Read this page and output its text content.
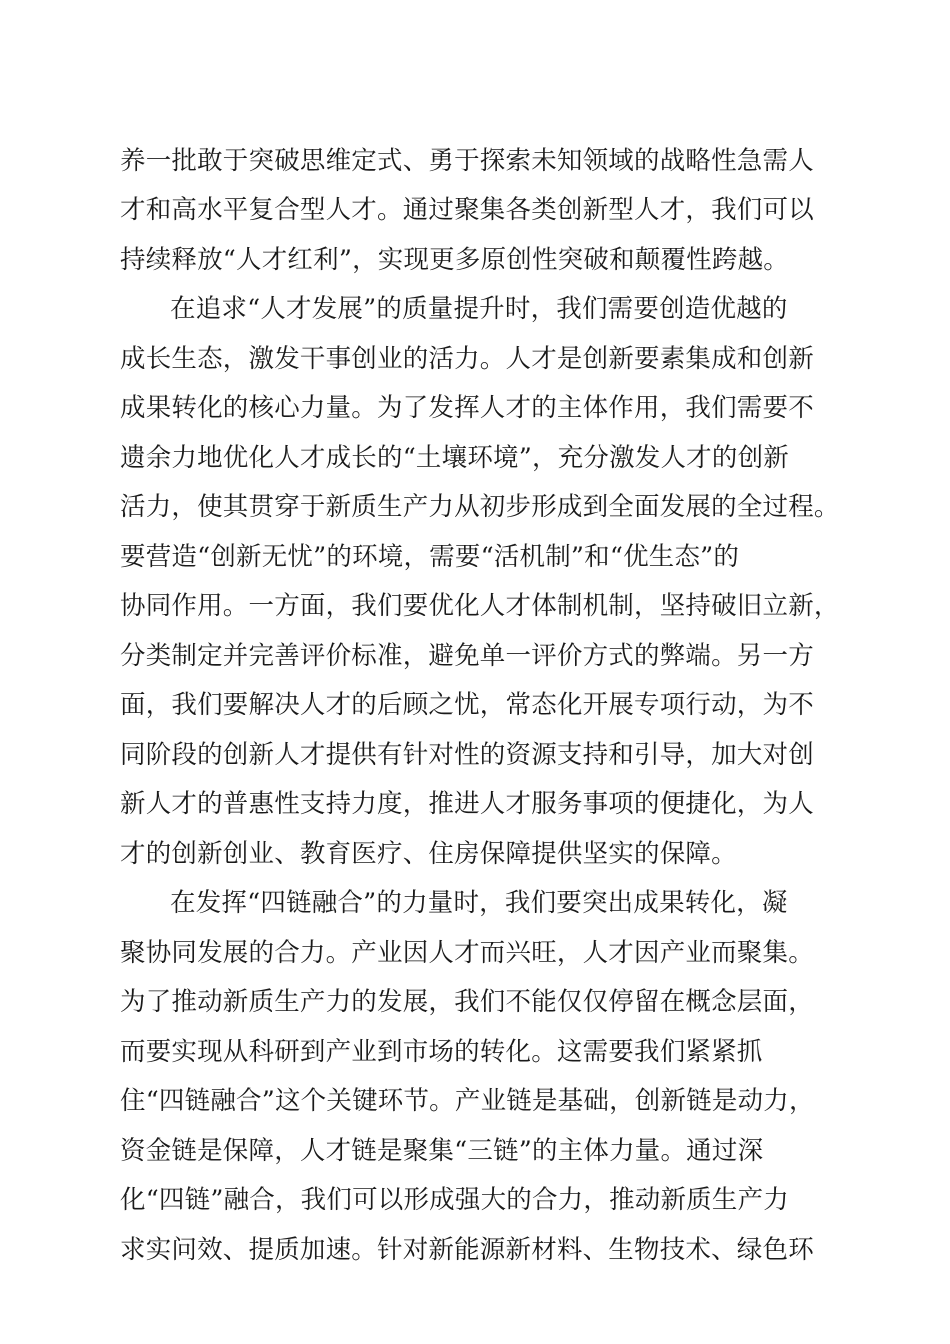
养一批敢于突破思维定式、勇于探索未知领域的战略性急需人
才和高水平复合型人才。通过聚集各类创新型人才，我们可以
持续释放“人才红利”，实现更多原创性突破和颠覆性跨越。
在追求“人才发展”的质量提升时，我们需要创造优越的
成长生态，激发干事创业的活力。人才是创新要素集成和创新
成果转化的核心力量。为了发挥人才的主体作用，我们需要不
遗余力地优化人才成长的“土壤环境”，充分激发人才的创新
活力，使其贯穿于新质生产力从初步形成到全面发展的全过程。
要营造“创新无忧”的环境，需要“活机制”和“优生态”的
协同作用。一方面，我们要优化人才体制机制，坚持破旧立新，
分类制定并完善评价标准，避免单一评价方式的弊端。另一方
面，我们要解决人才的后顾之忧，常态化开展专项行动，为不
同阶段的创新人才提供有针对性的资源支持和引导，加大对创
新人才的普惠性支持力度，推进人才服务事项的便捷化，为人
才的创新创业、教育医疗、住房保障提供坚实的保障。
在发挥“四链融合”的力量时，我们要突出成果转化，凝
聚协同发展的合力。产业因人才而兴旺，人才因产业而聚集。
为了推动新质生产力的发展，我们不能仅仅停留在概念层面，
而要实现从科研到产业到市场的转化。这需要我们紧紧抓
住“四链融合”这个关键环节。产业链是基础，创新链是动力，
资金链是保障，人才链是聚集“三链”的主体力量。通过深
化“四链”融合，我们可以形成强大的合力，推动新质生产力
求实问效、提质加速。针对新能源新材料、生物技术、绿色环
